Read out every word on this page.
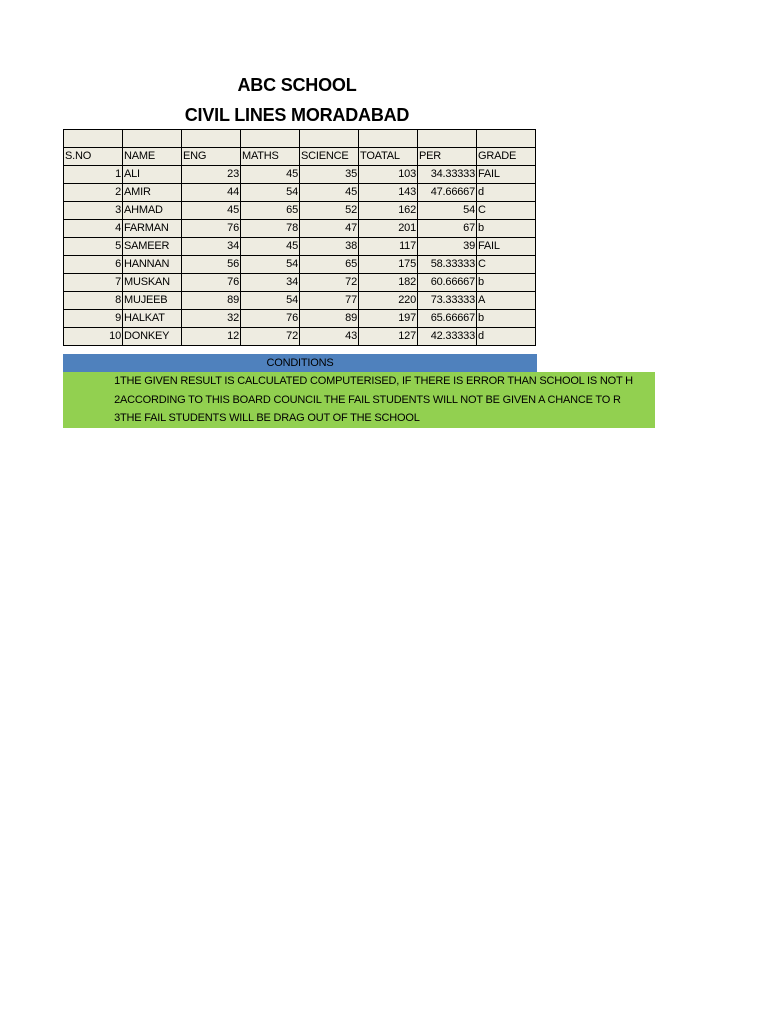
ABC SCHOOL
CIVIL LINES MORADABAD

S.NO	NAME	ENG	MATHS	SCIENCE	TOATAL	PER	GRADE
1	ALI	23	45	35	103	34.33333	FAIL
2	AMIR	44	54	45	143	47.66667	d
3	AHMAD	45	65	52	162	54	C
4	FARMAN	76	78	47	201	67	b
5	SAMEER	34	45	38	117	39	FAIL
6	HANNAN	56	54	65	175	58.33333	C
7	MUSKAN	76	34	72	182	60.66667	b
8	MUJEEB	89	54	77	220	73.33333	A
9	HALKAT	32	76	89	197	65.66667	b
10	DONKEY	12	72	43	127	42.33333	d
CONDITIONS
1THE GIVEN RESULT IS CALCULATED COMPUTERISED, IF THERE IS ERROR THAN SCHOOL IS NOT H
2ACCORDING TO THIS BOARD COUNCIL THE FAIL STUDENTS WILL NOT BE GIVEN A CHANCE TO R
3THE FAIL STUDENTS WILL BE DRAG OUT OF THE SCHOOL
